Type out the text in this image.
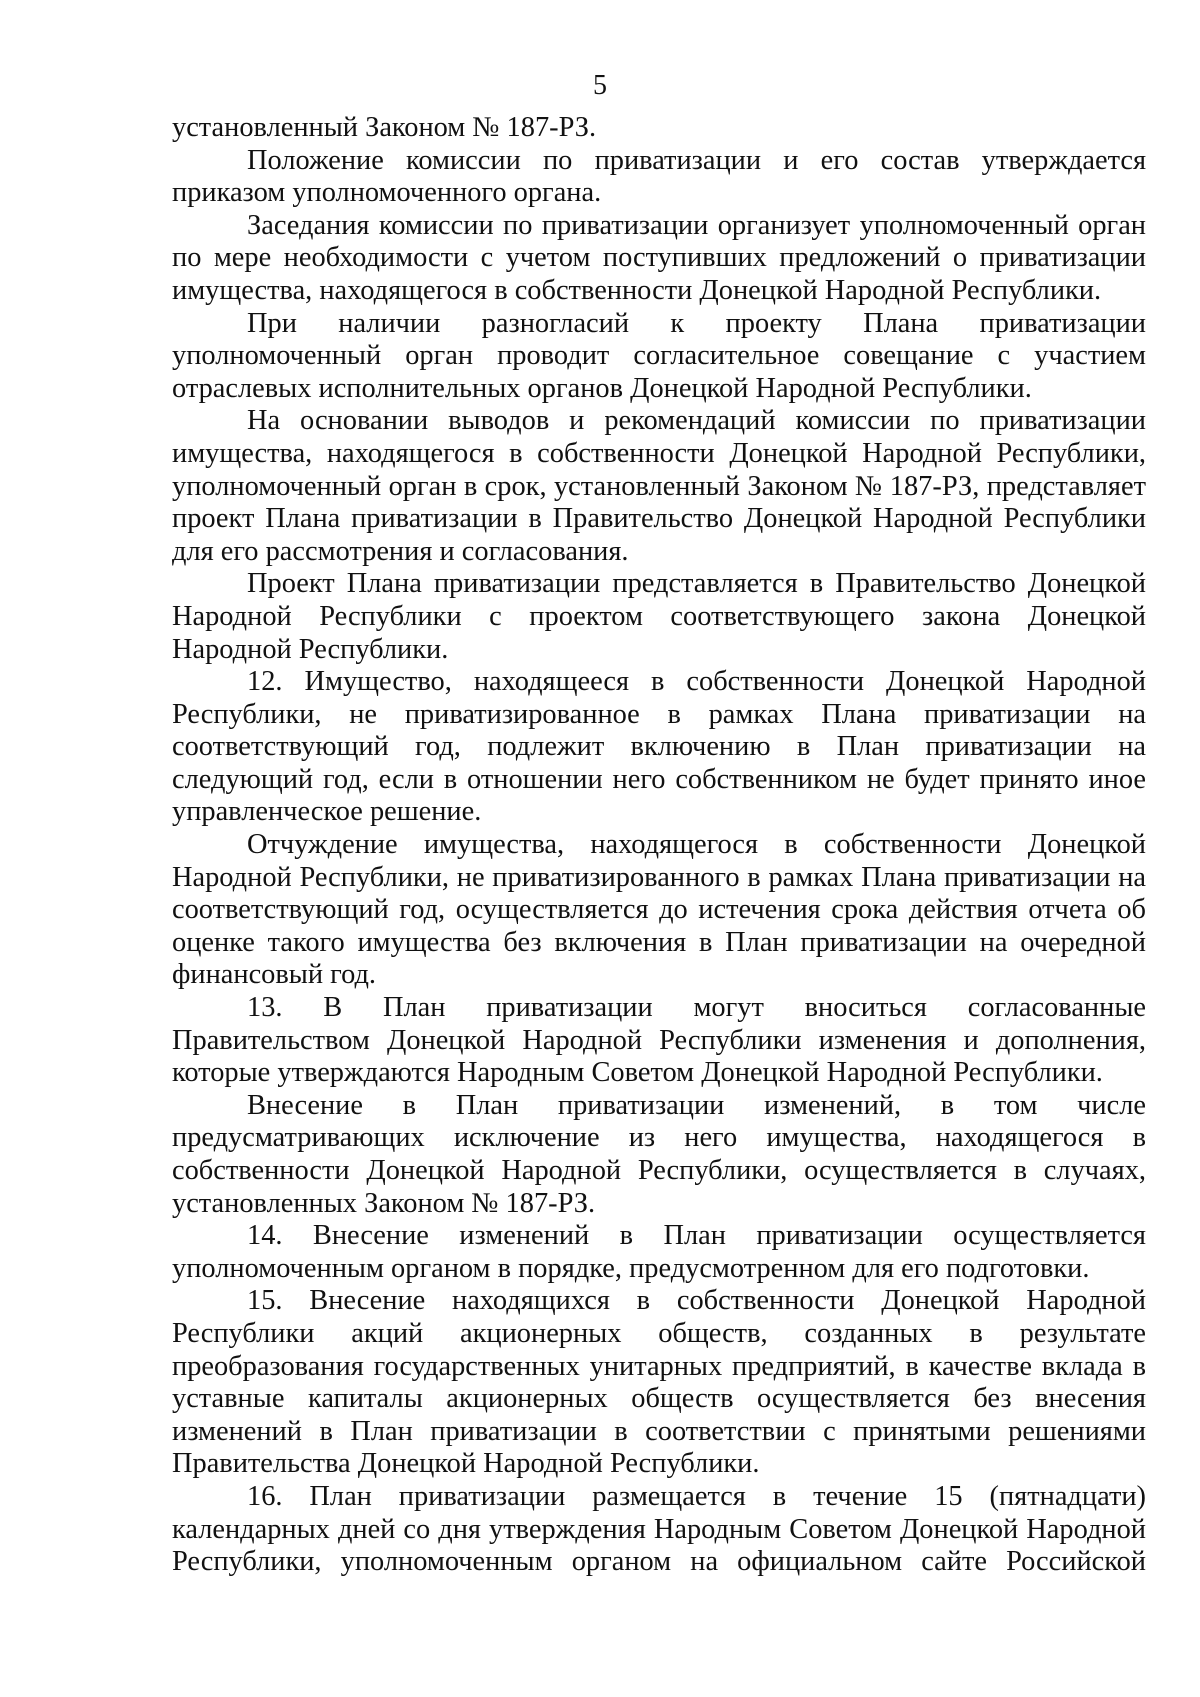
5

установленный Законом № 187-РЗ.

Положение комиссии по приватизации и его состав утверждается приказом уполномоченного органа.

Заседания комиссии по приватизации организует уполномоченный орган по мере необходимости с учетом поступивших предложений о приватизации имущества, находящегося в собственности Донецкой Народной Республики.

При наличии разногласий к проекту Плана приватизации уполномоченный орган проводит согласительное совещание с участием отраслевых исполнительных органов Донецкой Народной Республики.

На основании выводов и рекомендаций комиссии по приватизации имущества, находящегося в собственности Донецкой Народной Республики, уполномоченный орган в срок, установленный Законом № 187-РЗ, представляет проект Плана приватизации в Правительство Донецкой Народной Республики для его рассмотрения и согласования.

Проект Плана приватизации представляется в Правительство Донецкой Народной Республики с проектом соответствующего закона Донецкой Народной Республики.

12. Имущество, находящееся в собственности Донецкой Народной Республики, не приватизированное в рамках Плана приватизации на соответствующий год, подлежит включению в План приватизации на следующий год, если в отношении него собственником не будет принято иное управленческое решение.

Отчуждение имущества, находящегося в собственности Донецкой Народной Республики, не приватизированного в рамках Плана приватизации на соответствующий год, осуществляется до истечения срока действия отчета об оценке такого имущества без включения в План приватизации на очередной финансовый год.

13. В План приватизации могут вноситься согласованные Правительством Донецкой Народной Республики изменения и дополнения, которые утверждаются Народным Советом Донецкой Народной Республики.

Внесение в План приватизации изменений, в том числе предусматривающих исключение из него имущества, находящегося в собственности Донецкой Народной Республики, осуществляется в случаях, установленных Законом № 187-РЗ.

14. Внесение изменений в План приватизации осуществляется уполномоченным органом в порядке, предусмотренном для его подготовки.

15. Внесение находящихся в собственности Донецкой Народной Республики акций акционерных обществ, созданных в результате преобразования государственных унитарных предприятий, в качестве вклада в уставные капиталы акционерных обществ осуществляется без внесения изменений в План приватизации в соответствии с принятыми решениями Правительства Донецкой Народной Республики.

16. План приватизации размещается в течение 15 (пятнадцати) календарных дней со дня утверждения Народным Советом Донецкой Народной Республики, уполномоченным органом на официальном сайте Российской
